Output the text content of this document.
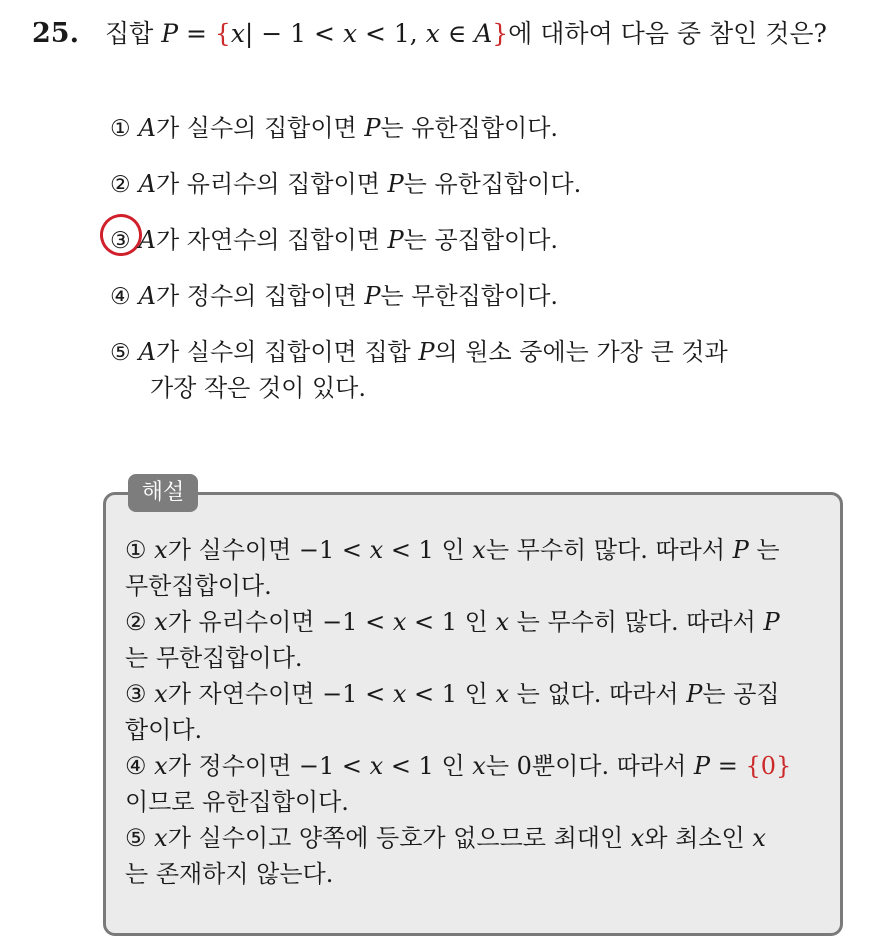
25. 집합 P = {x| − 1 < x < 1, x ∈ A}에 대하여 다음 중 참인 것은?
① A가 실수의 집합이면 P는 유한집합이다.
② A가 유리수의 집합이면 P는 유한집합이다.
③ A가 자연수의 집합이면 P는 공집합이다.
④ A가 정수의 집합이면 P는 무한집합이다.
⑤ A가 실수의 집합이면 집합 P의 원소 중에는 가장 큰 것과
가장 작은 것이 있다.
해설
① x가 실수이면 −1 < x < 1 인 x는 무수히 많다. 따라서 P 는
무한집합이다.
② x가 유리수이면 −1 < x < 1 인 x 는 무수히 많다. 따라서 P
는 무한집합이다.
③ x가 자연수이면 −1 < x < 1 인 x 는 없다. 따라서 P는 공집
합이다.
④ x가 정수이면 −1 < x < 1 인 x는 0뿐이다. 따라서 P = {0}
이므로 유한집합이다.
⑤ x가 실수이고 양쪽에 등호가 없으므로 최대인 x와 최소인 x
는 존재하지 않는다.
